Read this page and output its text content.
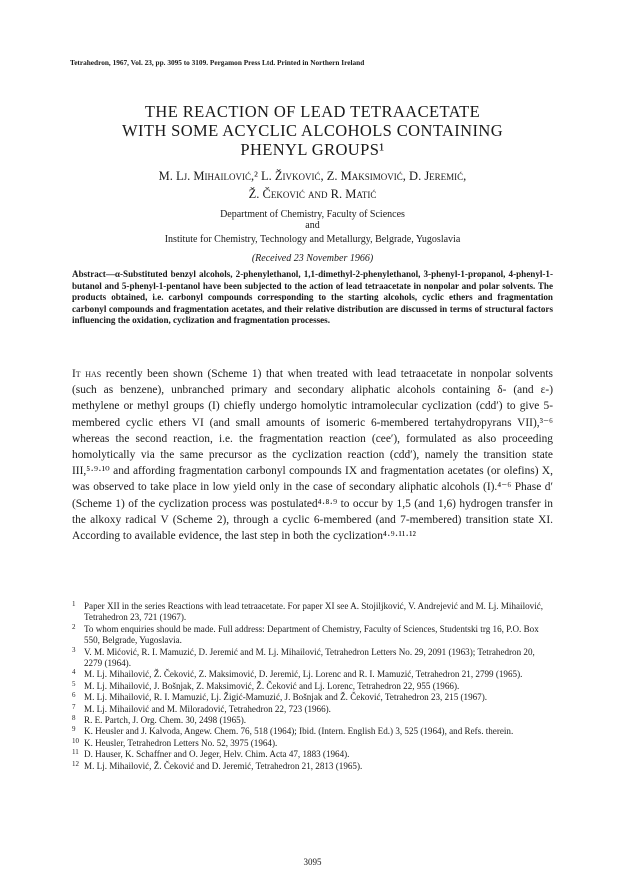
Tetrahedron, 1967, Vol. 23, pp. 3095 to 3109. Pergamon Press Ltd. Printed in Northern Ireland
THE REACTION OF LEAD TETRAACETATE
WITH SOME ACYCLIC ALCOHOLS CONTAINING
PHENYL GROUPS¹
M. Lj. Mihailović,² L. Živković, Z. Maksimović, D. Jeremić,
Ž. Čeković and R. Matić
Department of Chemistry, Faculty of Sciences
and
Institute for Chemistry, Technology and Metallurgy, Belgrade, Yugoslavia
(Received 23 November 1966)
Abstract—α-Substituted benzyl alcohols, 2-phenylethanol, 1,1-dimethyl-2-phenylethanol, 3-phenyl-1-propanol, 4-phenyl-1-butanol and 5-phenyl-1-pentanol have been subjected to the action of lead tetraacetate in nonpolar and polar solvents. The products obtained, i.e. carbonyl compounds corresponding to the starting alcohols, cyclic ethers and fragmentation carbonyl compounds and fragmentation acetates, and their relative distribution are discussed in terms of structural factors influencing the oxidation, cyclization and fragmentation processes.
It has recently been shown (Scheme 1) that when treated with lead tetraacetate in nonpolar solvents (such as benzene), unbranched primary and secondary aliphatic alcohols containing δ- (and ε-) methylene or methyl groups (I) chiefly undergo homolytic intramolecular cyclization (cdd′) to give 5-membered cyclic ethers VI (and small amounts of isomeric 6-membered tertahydropyrans VII),³⁻⁶ whereas the second reaction, i.e. the fragmentation reaction (cee′), formulated as also proceeding homolytically via the same precursor as the cyclization reaction (cdd′), namely the transition state III,⁵·⁹·¹⁰ and affording fragmentation carbonyl compounds IX and fragmentation acetates (or olefins) X, was observed to take place in low yield only in the case of secondary aliphatic alcohols (I).⁴⁻⁶ Phase d′ (Scheme 1) of the cyclization process was postulated⁴·⁸·⁹ to occur by 1,5 (and 1,6) hydrogen transfer in the alkoxy radical V (Scheme 2), through a cyclic 6-membered (and 7-membered) transition state XI. According to available evidence, the last step in both the cyclization⁴·⁹·¹¹·¹²
1 Paper XII in the series Reactions with lead tetraacetate. For paper XI see A. Stojiljković, V. Andrejević and M. Lj. Mihailović, Tetrahedron 23, 721 (1967).
2 To whom enquiries should be made. Full address: Department of Chemistry, Faculty of Sciences, Studentski trg 16, P.O. Box 550, Belgrade, Yugoslavia.
3 V. M. Mićović, R. I. Mamuzić, D. Jeremić and M. Lj. Mihailović, Tetrahedron Letters No. 29, 2091 (1963); Tetrahedron 20, 2279 (1964).
4 M. Lj. Mihailović, Ž. Čeković, Z. Maksimović, D. Jeremić, Lj. Lorenc and R. I. Mamuzić, Tetrahedron 21, 2799 (1965).
5 M. Lj. Mihailović, J. Bošnjak, Z. Maksimović, Ž. Čeković and Lj. Lorenc, Tetrahedron 22, 955 (1966).
6 M. Lj. Mihailović, R. I. Mamuzić, Lj. Žigić-Mamuzić, J. Bošnjak and Ž. Čeković, Tetrahedron 23, 215 (1967).
7 M. Lj. Mihailović and M. Miloradović, Tetrahedron 22, 723 (1966).
8 R. E. Partch, J. Org. Chem. 30, 2498 (1965).
9 K. Heusler and J. Kalvoda, Angew. Chem. 76, 518 (1964); Ibid. (Intern. English Ed.) 3, 525 (1964), and Refs. therein.
10 K. Heusler, Tetrahedron Letters No. 52, 3975 (1964).
11 D. Hauser, K. Schaffner and O. Jeger, Helv. Chim. Acta 47, 1883 (1964).
12 M. Lj. Mihailović, Ž. Čeković and D. Jeremić, Tetrahedron 21, 2813 (1965).
3095
